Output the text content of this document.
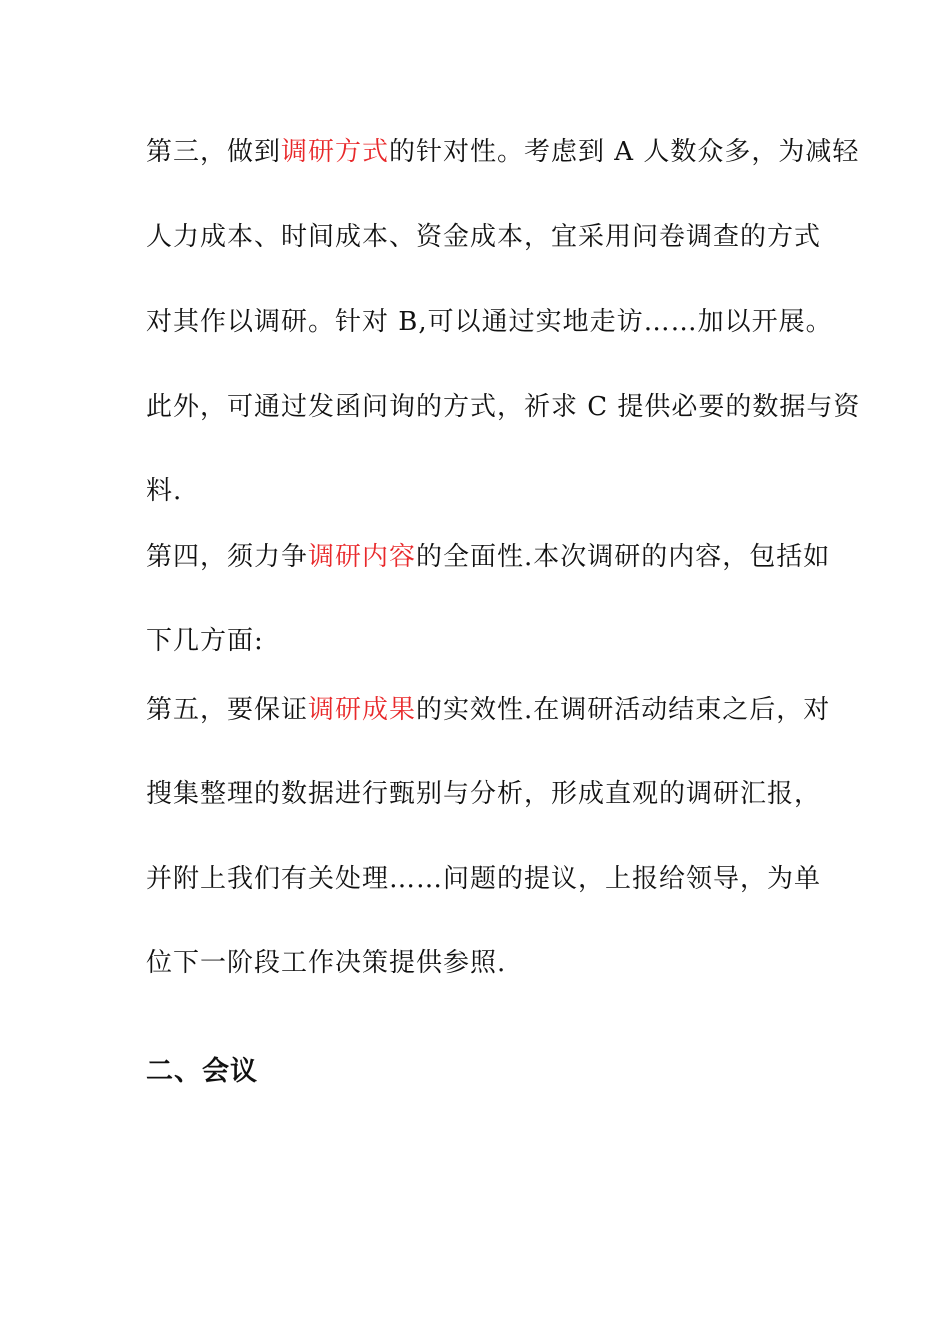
第三，做到调研方式的针对性。考虑到 A 人数众多，为减轻
人力成本、时间成本、资金成本，宜采用问卷调查的方式
对其作以调研。针对 B,可以通过实地走访……加以开展。
此外，可通过发函问询的方式，祈求 C 提供必要的数据与资
料.
第四，须力争调研内容的全面性.本次调研的内容，包括如
下几方面:
第五，要保证调研成果的实效性.在调研活动结束之后，对
搜集整理的数据进行甄别与分析，形成直观的调研汇报，
并附上我们有关处理……问题的提议，上报给领导，为单
位下一阶段工作决策提供参照.
二、会议
